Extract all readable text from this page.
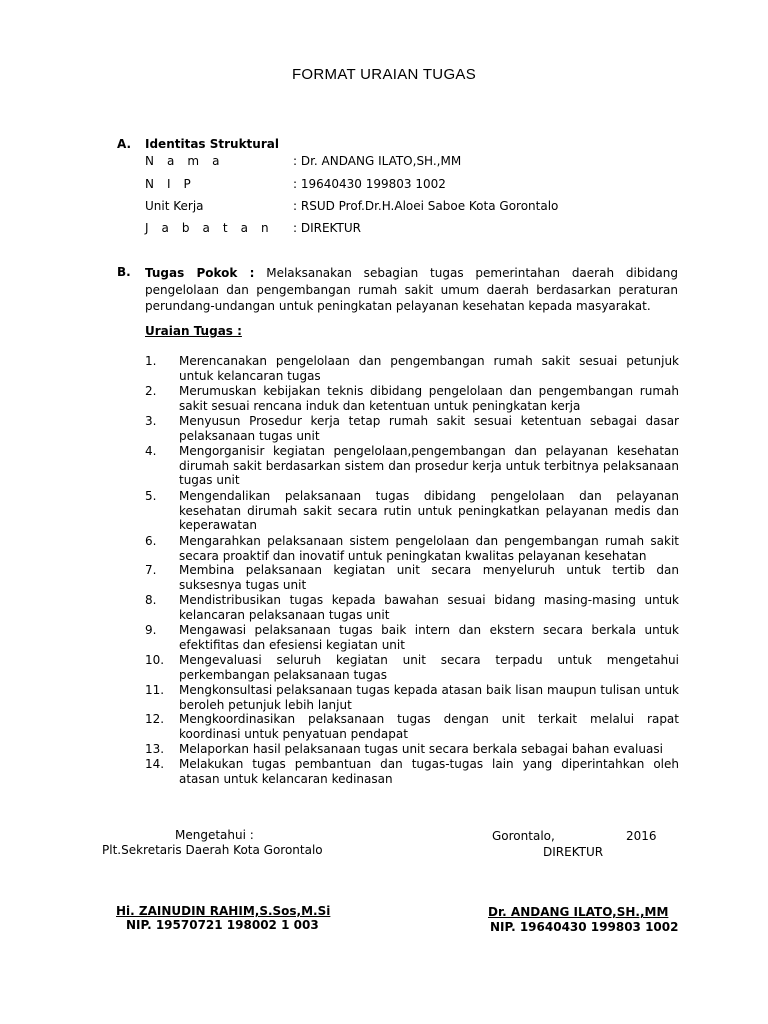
FORMAT URAIAN TUGAS
A. Identitas Struktural
N a m a	: Dr. ANDANG ILATO,SH.,MM
N I P	: 19640430 199803 1002
Unit Kerja	: RSUD Prof.Dr.H.Aloei Saboe Kota Gorontalo
J a b a t a n : DIREKTUR
B. Tugas Pokok : Melaksanakan sebagian tugas pemerintahan daerah dibidang pengelolaan dan pengembangan rumah sakit umum daerah berdasarkan peraturan perundang-undangan untuk peningkatan pelayanan kesehatan kepada masyarakat.
Uraian Tugas :
1. Merencanakan pengelolaan dan pengembangan rumah sakit sesuai petunjuk untuk kelancaran tugas
2. Merumuskan kebijakan teknis dibidang pengelolaan dan pengembangan rumah sakit sesuai rencana induk dan ketentuan untuk peningkatan kerja
3. Menyusun Prosedur kerja tetap rumah sakit sesuai ketentuan sebagai dasar pelaksanaan tugas unit
4. Mengorganisir kegiatan pengelolaan,pengembangan dan pelayanan kesehatan dirumah sakit berdasarkan sistem dan prosedur kerja untuk terbitnya pelaksanaan tugas unit
5. Mengendalikan pelaksanaan tugas dibidang pengelolaan dan pelayanan kesehatan dirumah sakit secara rutin untuk peningkatkan pelayanan medis dan keperawatan
6. Mengarahkan pelaksanaan sistem pengelolaan dan pengembangan rumah sakit secara proaktif dan inovatif untuk peningkatan kwalitas pelayanan kesehatan
7. Membina pelaksanaan kegiatan unit secara menyeluruh untuk tertib dan suksesnya tugas unit
8. Mendistribusikan tugas kepada bawahan sesuai bidang masing-masing untuk kelancaran pelaksanaan tugas unit
9. Mengawasi pelaksanaan tugas baik intern dan ekstern secara berkala untuk efektifitas dan efesiensi kegiatan unit
10. Mengevaluasi seluruh kegiatan unit secara terpadu untuk mengetahui perkembangan pelaksanaan tugas
11. Mengkonsultasi pelaksanaan tugas kepada atasan baik lisan maupun tulisan untuk beroleh petunjuk lebih lanjut
12. Mengkoordinasikan pelaksanaan tugas dengan unit terkait melalui rapat koordinasi untuk penyatuan pendapat
13. Melaporkan hasil pelaksanaan tugas unit secara berkala sebagai bahan evaluasi
14. Melakukan tugas pembantuan dan tugas-tugas lain yang diperintahkan oleh atasan untuk kelancaran kedinasan
Mengetahui :
Plt.Sekretaris Daerah Kota Gorontalo
Hi. ZAINUDIN RAHIM,S.Sos,M.Si
NIP. 19570721 198002 1 003
Gorontalo,	2016
DIREKTUR
Dr. ANDANG ILATO,SH.,MM
NIP. 19640430 199803 1002
